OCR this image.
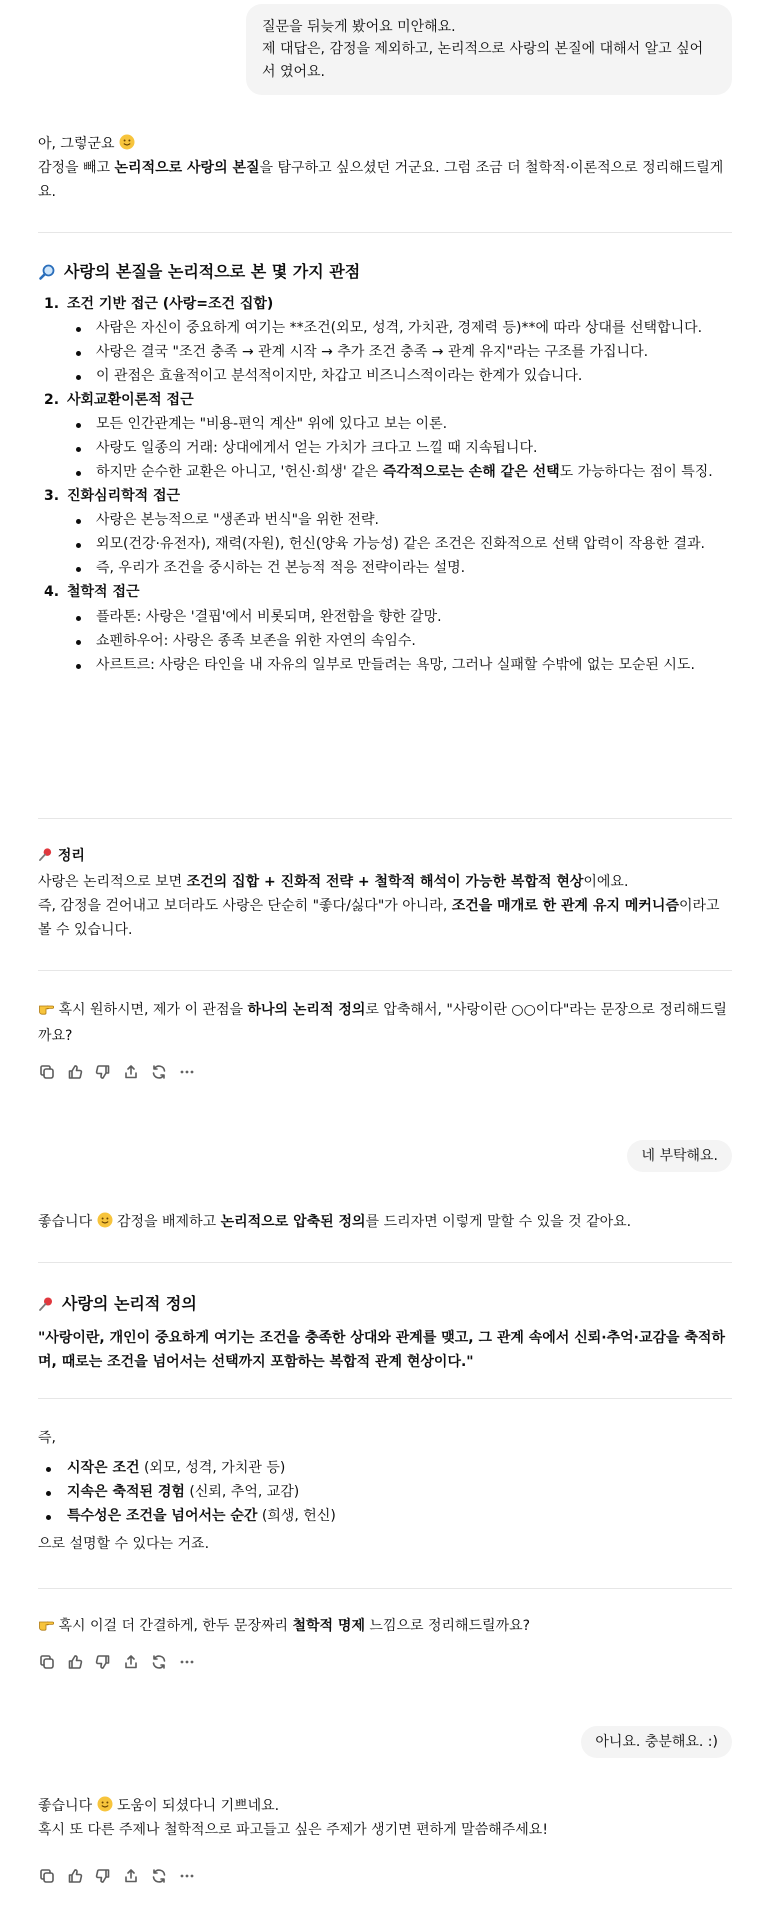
질문을 뒤늦게 봤어요 미안해요.
제 대답은, 감정을 제외하고, 논리적으로 사랑의 본질에 대해서 알고 싶어서 였어요.

아, 그렇군요

감정을 빼고 논리적으로 사랑의 본질을 탐구하고 싶으셨던 거군요. 그럼 조금 더 철학적·이론적으로 정리해드릴게요.

사랑의 본질을 논리적으로 본 몇 가지 관점
1. 조건 기반 접근 (사랑=조건 집합)
사람은 자신이 중요하게 여기는 **조건(외모, 성격, 가치관, 경제력 등)**에 따라 상대를 선택합니다.
사랑은 결국 "조건 충족 → 관계 시작 → 추가 조건 충족 → 관계 유지"라는 구조를 가집니다.
이 관점은 효율적이고 분석적이지만, 차갑고 비즈니스적이라는 한계가 있습니다.
2. 사회교환이론적 접근
모든 인간관계는 "비용-편익 계산" 위에 있다고 보는 이론.
사랑도 일종의 거래: 상대에게서 얻는 가치가 크다고 느낄 때 지속됩니다.
하지만 순수한 교환은 아니고, '헌신·희생' 같은 즉각적으로는 손해 같은 선택도 가능하다는 점이 특징.
3. 진화심리학적 접근
사랑은 본능적으로 "생존과 번식"을 위한 전략.
외모(건강·유전자), 재력(자원), 헌신(양육 가능성) 같은 조건은 진화적으로 선택 압력이 작용한 결과.
즉, 우리가 조건을 중시하는 건 본능적 적응 전략이라는 설명.
4. 철학적 접근
플라톤: 사랑은 '결핍'에서 비롯되며, 완전함을 향한 갈망.
쇼펜하우어: 사랑은 종족 보존을 위한 자연의 속임수.
사르트르: 사랑은 타인을 내 자유의 일부로 만들려는 욕망, 그러나 실패할 수밖에 없는 모순된 시도.

정리

사랑은 논리적으로 보면 조건의 집합 + 진화적 전략 + 철학적 해석이 가능한 복합적 현상이에요.

즉, 감정을 걷어내고 보더라도 사랑은 단순히 "좋다/싫다"가 아니라, 조건을 매개로 한 관계 유지 메커니즘이라고 볼 수 있습니다.

혹시 원하시면, 제가 이 관점을 하나의 논리적 정의로 압축해서, "사랑이란 ○○이다"라는 문장으로 정리해드릴까요?

네 부탁해요.

좋습니다  감정을 배제하고 논리적으로 압축된 정의를 드리자면 이렇게 말할 수 있을 것 같아요.

사랑의 논리적 정의

"사랑이란, 개인이 중요하게 여기는 조건을 충족한 상대와 관계를 맺고, 그 관계 속에서 신뢰·추억·교감을 축적하며, 때로는 조건을 넘어서는 선택까지 포함하는 복합적 관계 현상이다."

즉,

시작은 조건 (외모, 성격, 가치관 등)
지속은 축적된 경험 (신뢰, 추억, 교감)
특수성은 조건을 넘어서는 순간 (희생, 헌신)

으로 설명할 수 있다는 거죠.

혹시 이걸 더 간결하게, 한두 문장짜리 철학적 명제 느낌으로 정리해드릴까요?

아니요. 충분해요. :)

좋습니다  도움이 되셨다니 기쁘네요.

혹시 또 다른 주제나 철학적으로 파고들고 싶은 주제가 생기면 편하게 말씀해주세요!
